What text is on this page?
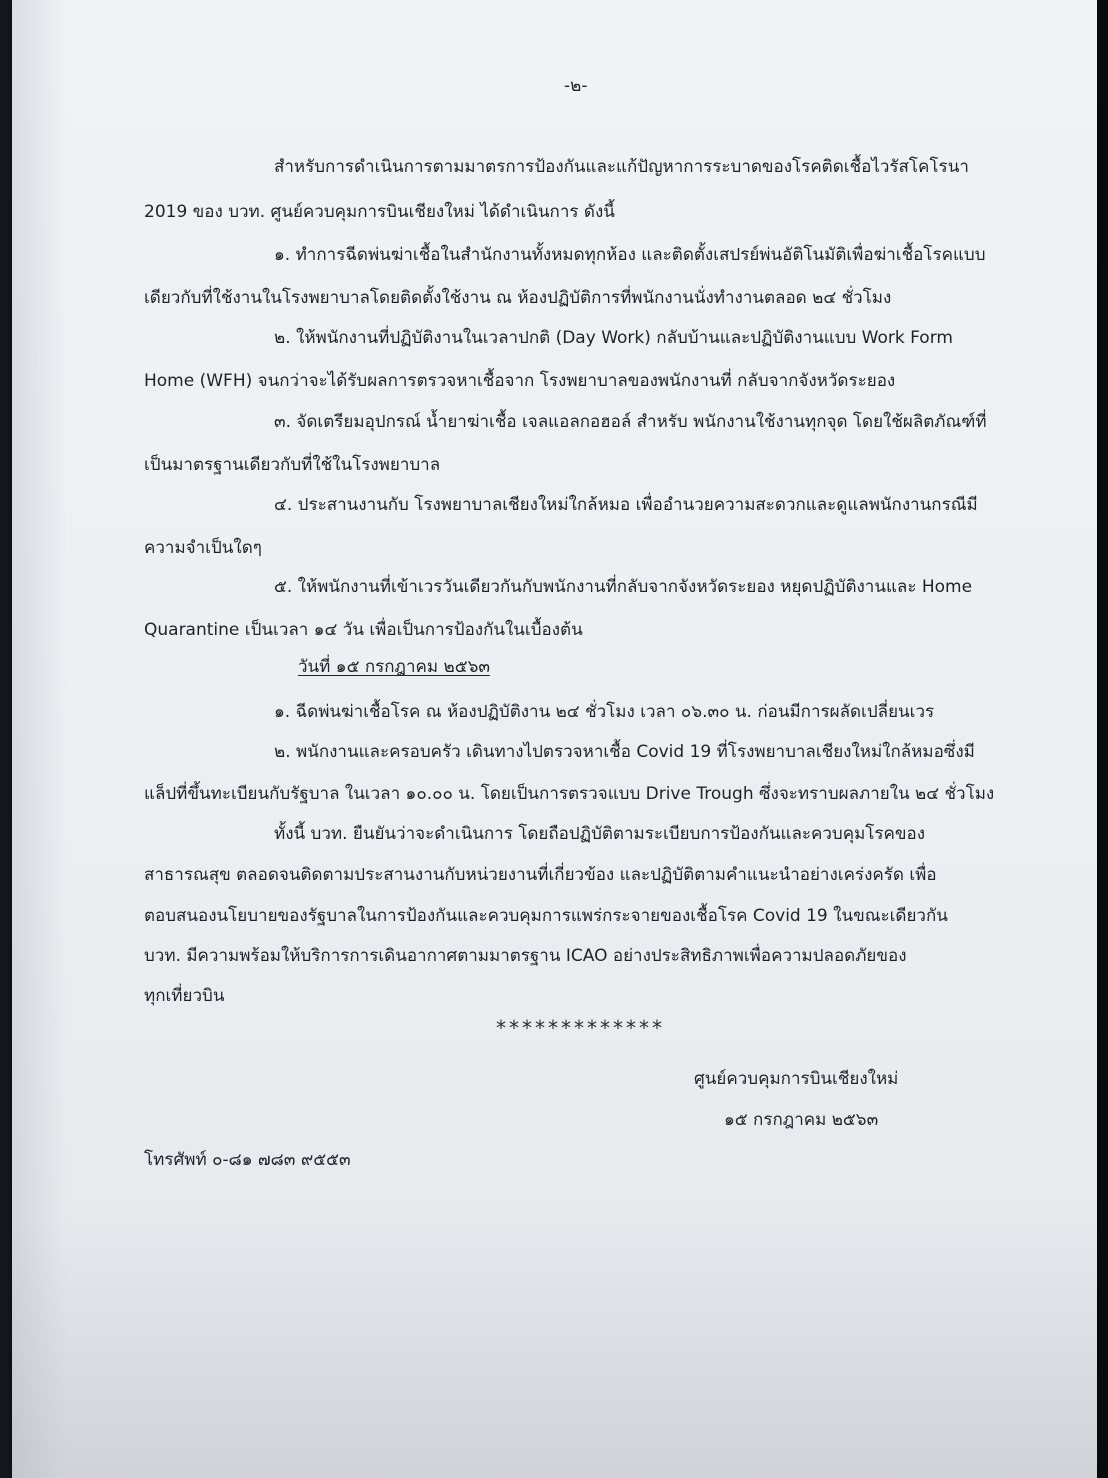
-๒-
สำหรับการดำเนินการตามมาตรการป้องกันและแก้ปัญหาการระบาดของโรคติดเชื้อไวรัสโคโรนา
2019 ของ บวท. ศูนย์ควบคุมการบินเชียงใหม่ ได้ดำเนินการ ดังนี้
๑. ทำการฉีดพ่นฆ่าเชื้อในสำนักงานทั้งหมดทุกห้อง และติดตั้งเสปรย์พ่นอัติโนมัติเพื่อฆ่าเชื้อโรคแบบ
เดียวกับที่ใช้งานในโรงพยาบาลโดยติดตั้งใช้งาน ณ ห้องปฏิบัติการที่พนักงานนั่งทำงานตลอด ๒๔ ชั่วโมง
๒. ให้พนักงานที่ปฏิบัติงานในเวลาปกติ (Day Work) กลับบ้านและปฏิบัติงานแบบ Work Form
Home (WFH) จนกว่าจะได้รับผลการตรวจหาเชื้อจาก โรงพยาบาลของพนักงานที่ กลับจากจังหวัดระยอง
๓. จัดเตรียมอุปกรณ์ น้ำยาฆ่าเชื้อ เจลแอลกอฮอล์ สำหรับ พนักงานใช้งานทุกจุด โดยใช้ผลิตภัณฑ์ที่
เป็นมาตรฐานเดียวกับที่ใช้ในโรงพยาบาล
๔. ประสานงานกับ โรงพยาบาลเชียงใหม่ใกล้หมอ เพื่ออำนวยความสะดวกและดูแลพนักงานกรณีมี
ความจำเป็นใดๆ
๕. ให้พนักงานที่เข้าเวรวันเดียวกันกับพนักงานที่กลับจากจังหวัดระยอง หยุดปฏิบัติงานและ Home
Quarantine เป็นเวลา ๑๔ วัน เพื่อเป็นการป้องกันในเบื้องต้น
วันที่ ๑๕ กรกฎาคม ๒๕๖๓
๑. ฉีดพ่นฆ่าเชื้อโรค ณ ห้องปฏิบัติงาน ๒๔ ชั่วโมง เวลา ๐๖.๓๐ น. ก่อนมีการผลัดเปลี่ยนเวร
๒. พนักงานและครอบครัว เดินทางไปตรวจหาเชื้อ Covid 19 ที่โรงพยาบาลเชียงใหม่ใกล้หมอซึ่งมี
แล็ปที่ขึ้นทะเบียนกับรัฐบาล ในเวลา ๑๐.๐๐ น. โดยเป็นการตรวจแบบ Drive Trough ซึ่งจะทราบผลภายใน ๒๔ ชั่วโมง
ทั้งนี้ บวท. ยืนยันว่าจะดำเนินการ โดยถือปฏิบัติตามระเบียบการป้องกันและควบคุมโรคของ
สาธารณสุข ตลอดจนติดตามประสานงานกับหน่วยงานที่เกี่ยวข้อง และปฏิบัติตามคำแนะนำอย่างเคร่งครัด เพื่อ
ตอบสนองนโยบายของรัฐบาลในการป้องกันและควบคุมการแพร่กระจายของเชื้อโรค Covid 19 ในขณะเดียวกัน
บวท. มีความพร้อมให้บริการการเดินอากาศตามมาตรฐาน ICAO อย่างประสิทธิภาพเพื่อความปลอดภัยของ
ทุกเที่ยวบิน
*************
ศูนย์ควบคุมการบินเชียงใหม่
๑๕ กรกฎาคม ๒๕๖๓
โทรศัพท์ ๐-๘๑ ๗๘๓ ๙๕๕๓
